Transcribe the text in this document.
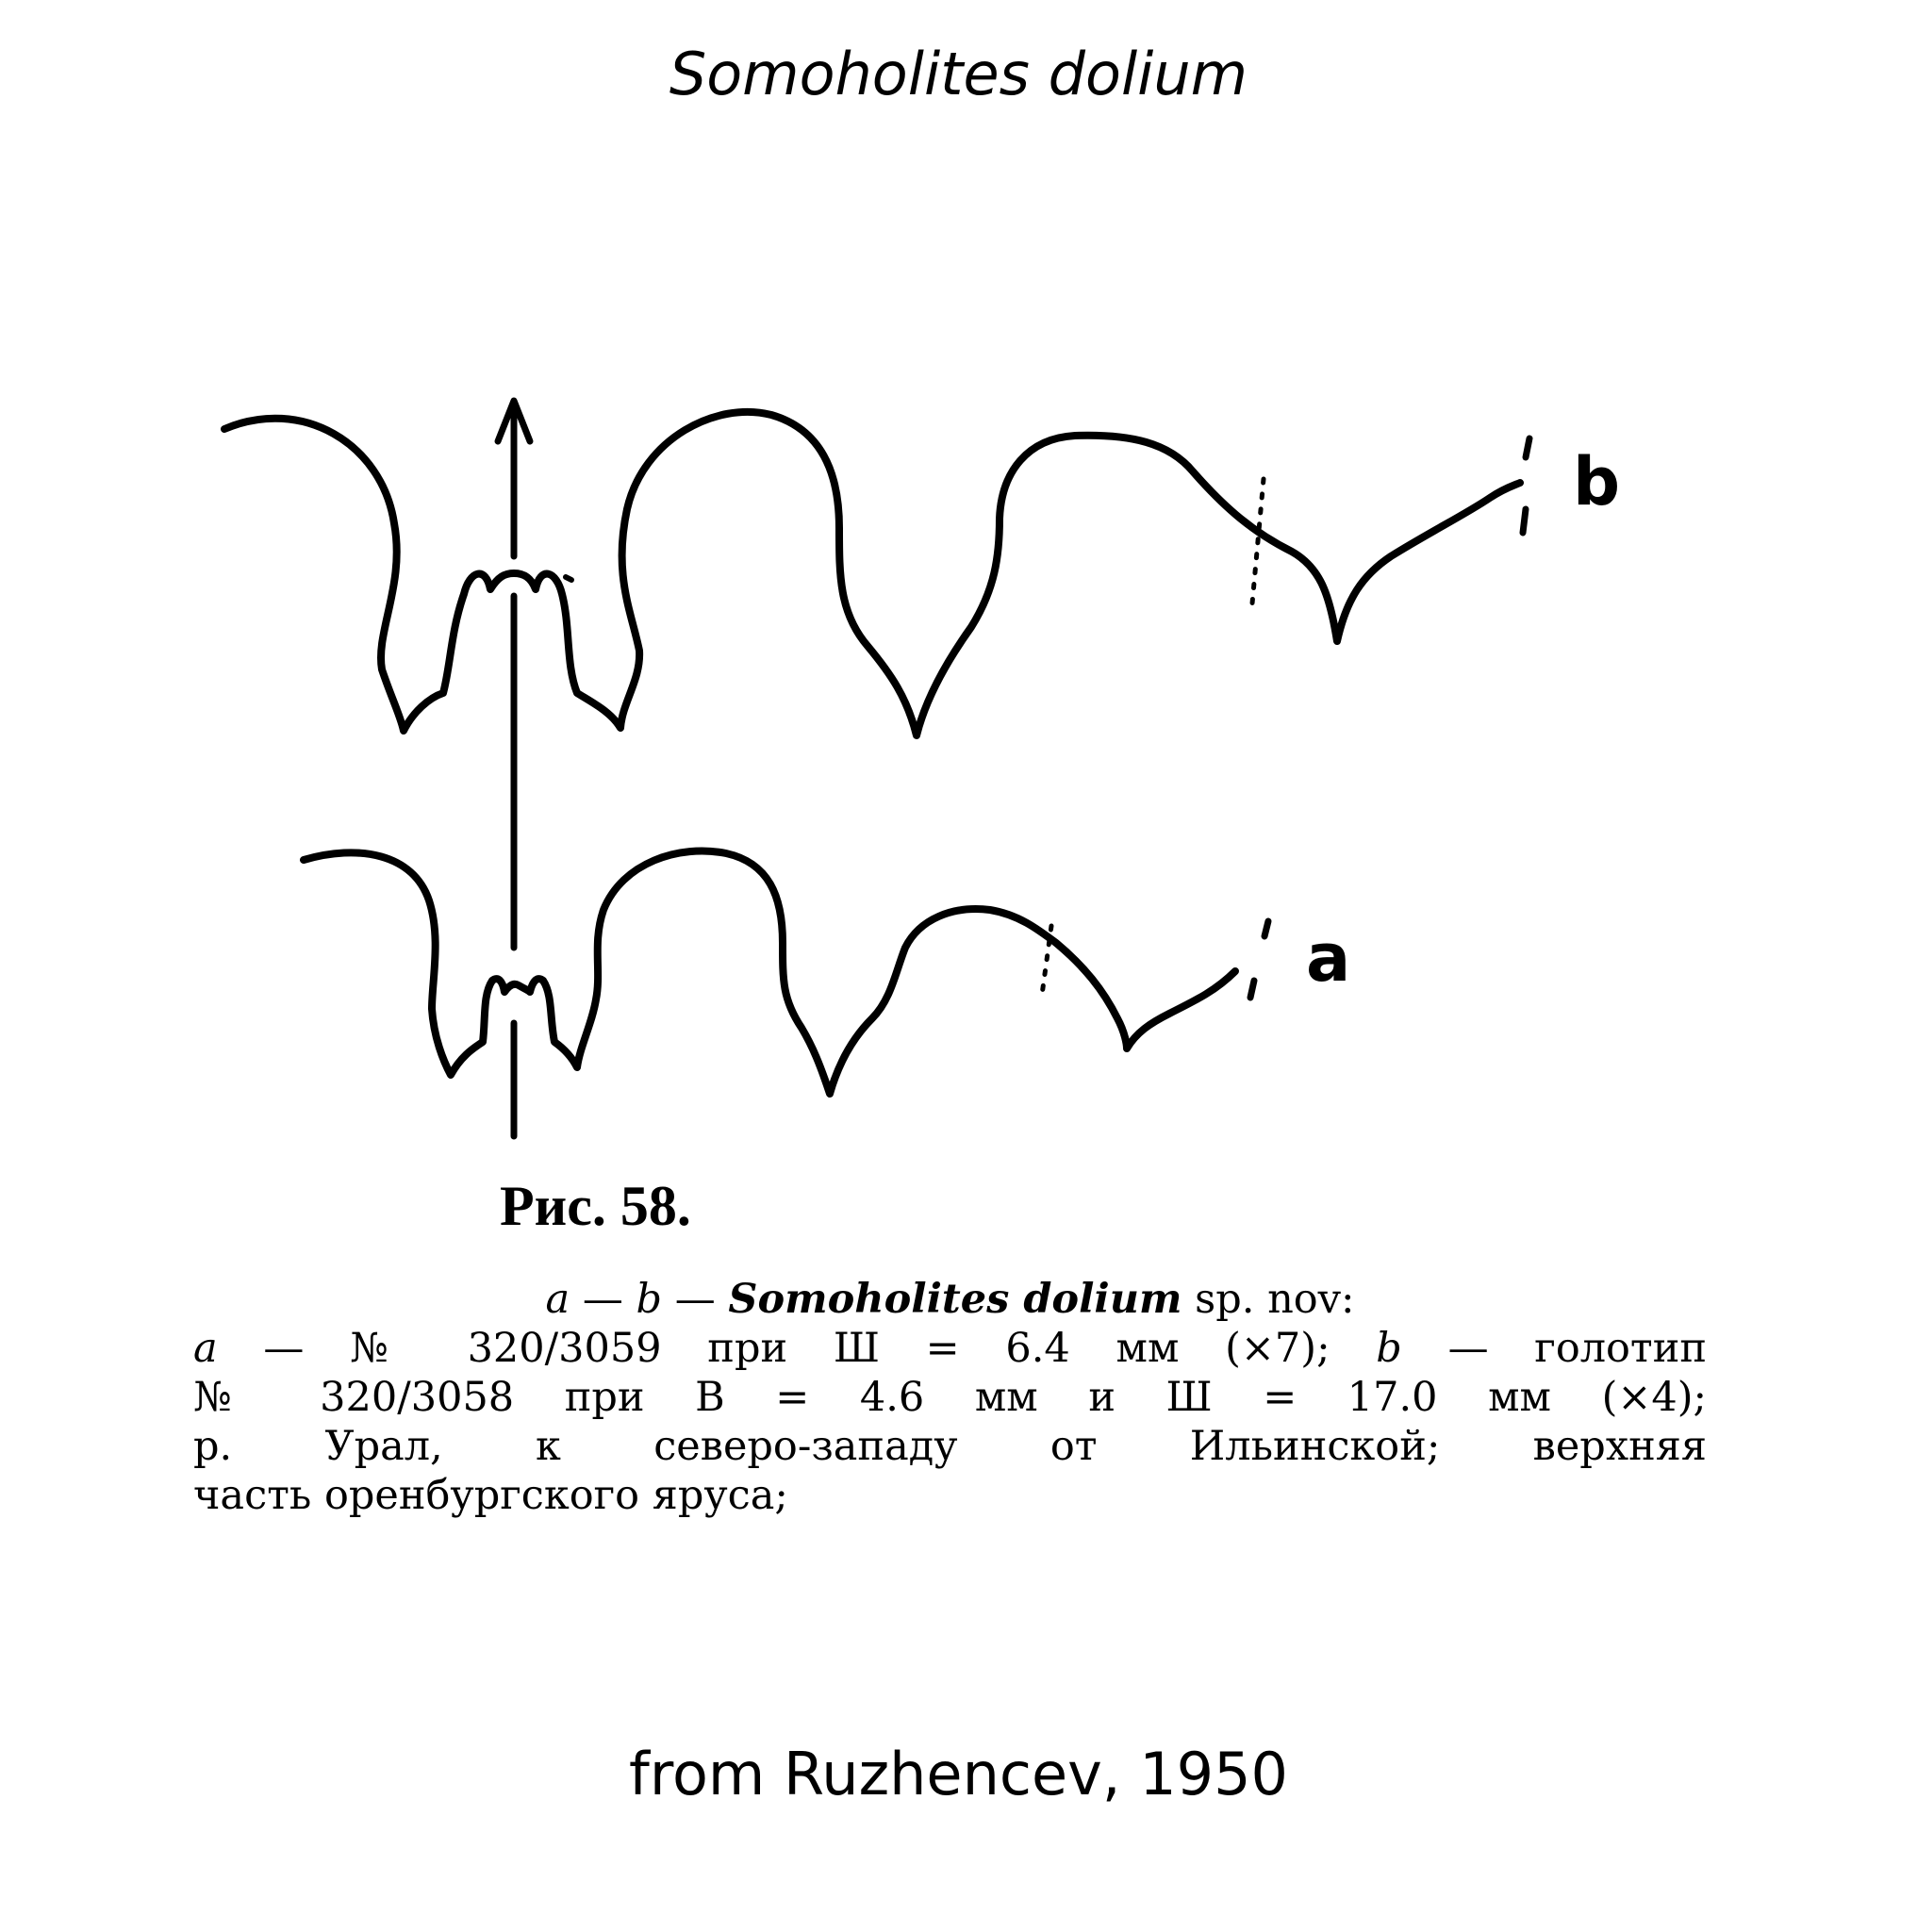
Somoholites dolium
b
a
Рис. 58.
a — b — Somoholites dolium sp. nov:
a — № 320/3059 при Ш = 6.4 мм (×7); b — голотип
№ 320/3058 при В = 4.6 мм и Ш = 17.0 мм (×4);
р. Урал, к северо-западу от Ильинской; верхняя
часть оренбургского яруса;
from Ruzhencev, 1950
